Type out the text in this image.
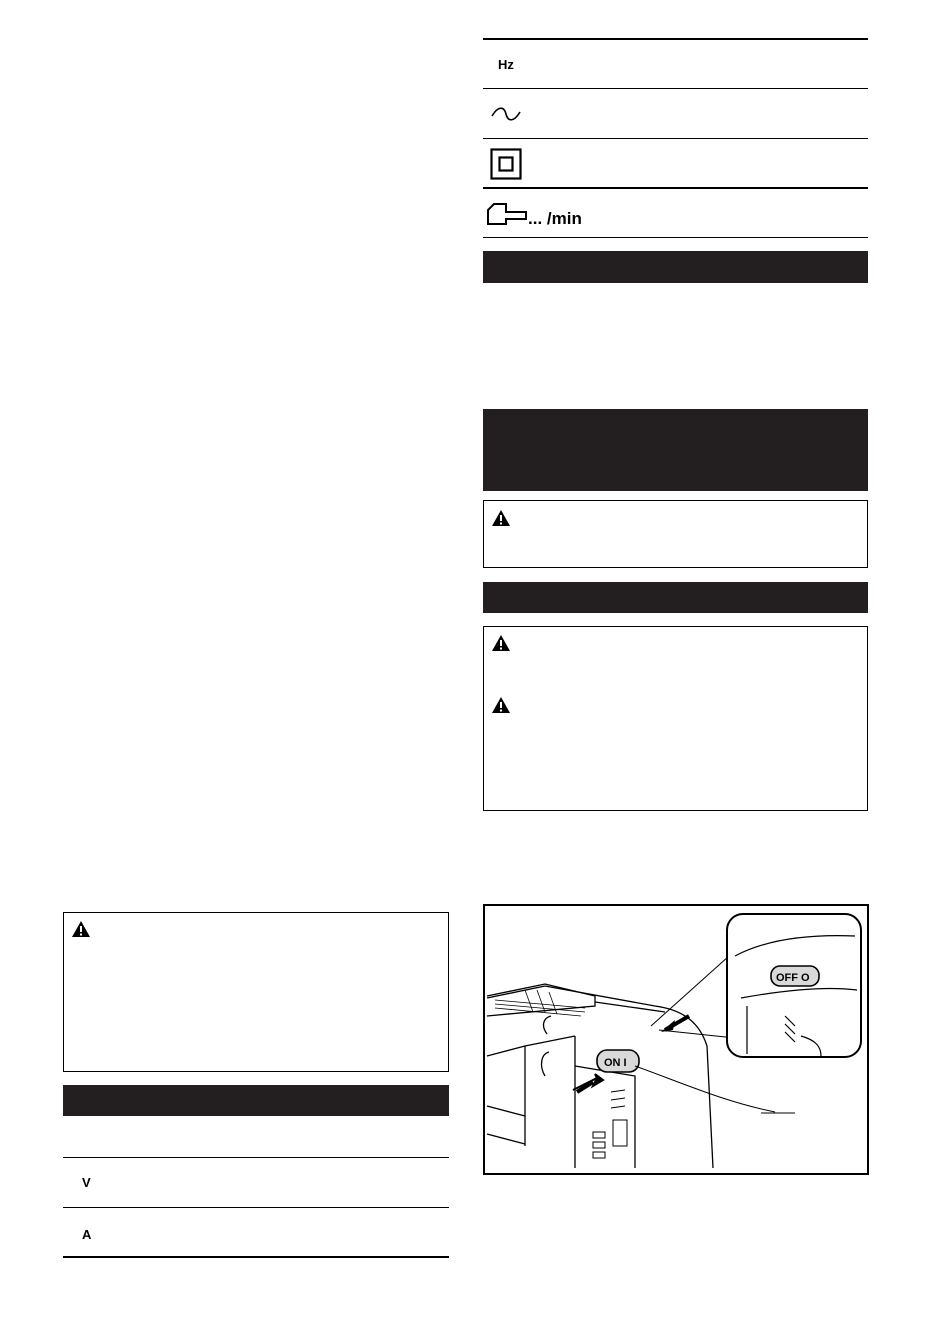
Hz
... /min
ON I
OFF O
V
A
